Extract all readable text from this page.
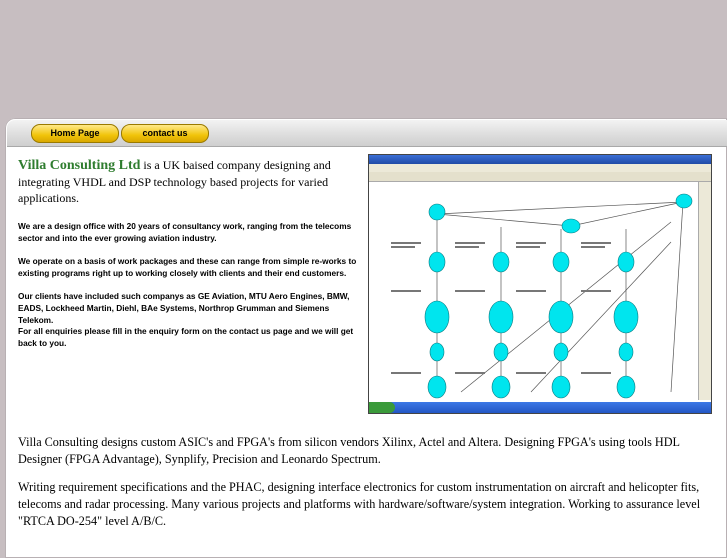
Home Page	contact us

Villa Consulting Ltd is a UK baised company designing and integrating VHDL and DSP technology based projects for varied applications.

We are a design office with 20 years of consultancy work, ranging from the telecoms sector and into the ever growing aviation industry.

We operate on a basis of work packages and these can range from simple re-works to existing programs right up to working closely with clients and their end customers.

Our clients have included such companys as GE Aviation, MTU Aero Engines, BMW, EADS, Lockheed Martin, Diehl, BAe Systems, Northrop Grumman and Siemens Telekom.

For all enquiries please fill in the enquiry form on the contact us page and we will get back to you.

Villa Consulting designs custom ASIC's and FPGA's from silicon vendors Xilinx, Actel and Altera. Designing FPGA's using tools HDL Designer (FPGA Advantage), Synplify, Precision and Leonardo Spectrum.

Writing requirement specifications and the PHAC, designing interface electronics for custom instrumentation on aircraft and helicopter fits, telecoms and radar processing. Many various projects and platforms with hardware/software/system integration. Working to assurance level "RTCA DO-254" level A/B/C.
